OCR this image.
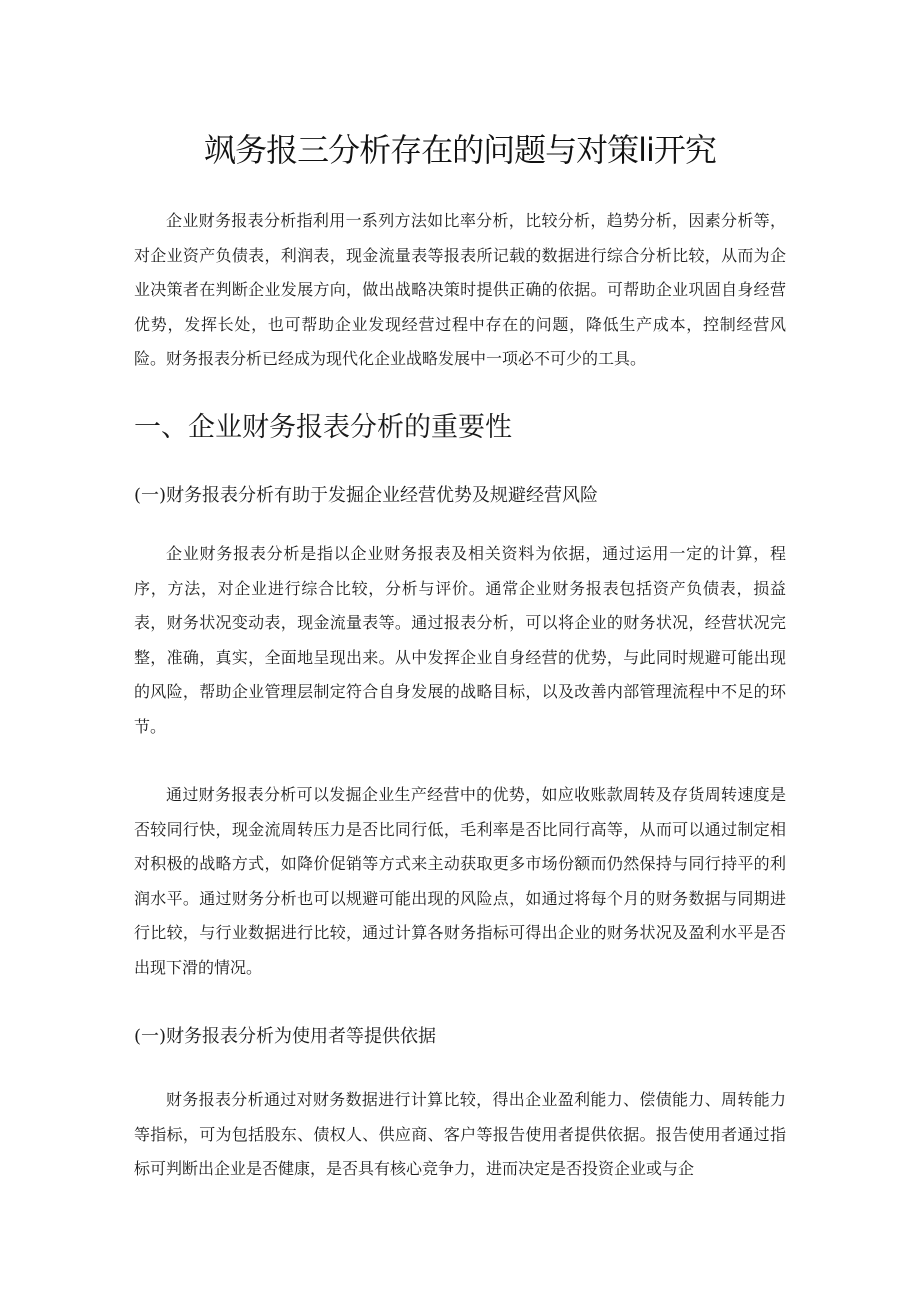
飒务报三分析存在的问题与对策li开究

企业财务报表分析指利用一系列方法如比率分析，比较分析，趋势分析，因素分析等，对企业资产负债表，利润表，现金流量表等报表所记载的数据进行综合分析比较，从而为企业决策者在判断企业发展方向，做出战略决策时提供正确的依据。可帮助企业巩固自身经营优势，发挥长处，也可帮助企业发现经营过程中存在的问题，降低生产成本，控制经营风险。财务报表分析已经成为现代化企业战略发展中一项必不可少的工具。

一、企业财务报表分析的重要性
(一)财务报表分析有助于发掘企业经营优势及规避经营风险

企业财务报表分析是指以企业财务报表及相关资料为依据，通过运用一定的计算，程序，方法，对企业进行综合比较，分析与评价。通常企业财务报表包括资产负债表，损益表，财务状况变动表，现金流量表等。通过报表分析，可以将企业的财务状况，经营状况完整，准确，真实，全面地呈现出来。从中发挥企业自身经营的优势，与此同时规避可能出现的风险，帮助企业管理层制定符合自身发展的战略目标，以及改善内部管理流程中不足的环节。

通过财务报表分析可以发掘企业生产经营中的优势，如应收账款周转及存货周转速度是否较同行快，现金流周转压力是否比同行低，毛利率是否比同行高等，从而可以通过制定相对积极的战略方式，如降价促销等方式来主动获取更多市场份额而仍然保持与同行持平的利润水平。通过财务分析也可以规避可能出现的风险点，如通过将每个月的财务数据与同期进行比较，与行业数据进行比较，通过计算各财务指标可得出企业的财务状况及盈利水平是否出现下滑的情况。

(一)财务报表分析为使用者等提供依据

财务报表分析通过对财务数据进行计算比较，得出企业盈利能力、偿债能力、周转能力等指标，可为包括股东、债权人、供应商、客户等报告使用者提供依据。报告使用者通过指标可判断出企业是否健康，是否具有核心竞争力，进而决定是否投资企业或与企
